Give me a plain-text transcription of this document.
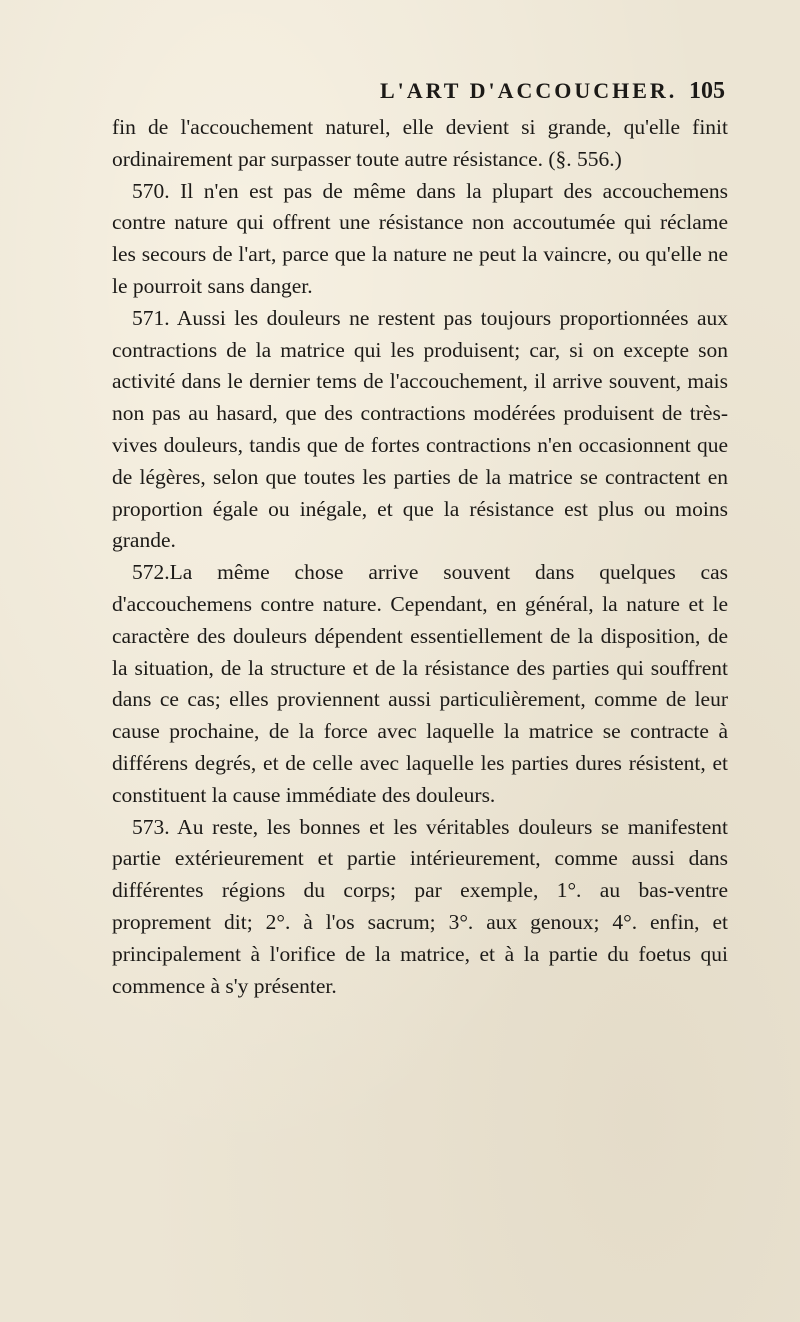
L'ART D'ACCOUCHER. 105

fin de l'accouchement naturel, elle devient si grande, qu'elle finit ordinairement par surpasser toute autre résistance. (§. 556.)

570. Il n'en est pas de même dans la plupart des accouchemens contre nature qui offrent une résistance non accoutumée qui réclame les secours de l'art, parce que la nature ne peut la vaincre, ou qu'elle ne le pourroit sans danger.

571. Aussi les douleurs ne restent pas toujours proportionnées aux contractions de la matrice qui les produisent; car, si on excepte son activité dans le dernier tems de l'accouchement, il arrive souvent, mais non pas au hasard, que des contractions modérées produisent de très-vives douleurs, tandis que de fortes contractions n'en occasionnent que de légères, selon que toutes les parties de la matrice se contractent en proportion égale ou inégale, et que la résistance est plus ou moins grande.

572.La même chose arrive souvent dans quelques cas d'accouchemens contre nature. Cependant, en général, la nature et le caractère des douleurs dépendent essentiellement de la disposition, de la situation, de la structure et de la résistance des parties qui souffrent dans ce cas; elles proviennent aussi particulièrement, comme de leur cause prochaine, de la force avec laquelle la matrice se contracte à différens degrés, et de celle avec laquelle les parties dures résistent, et constituent la cause immédiate des douleurs.

573. Au reste, les bonnes et les véritables douleurs se manifestent partie extérieurement et partie intérieurement, comme aussi dans différentes régions du corps; par exemple, 1°. au bas-ventre proprement dit; 2°. à l'os sacrum; 3°. aux genoux; 4°. enfin, et principalement à l'orifice de la matrice, et à la partie du foetus qui commence à s'y présenter.
